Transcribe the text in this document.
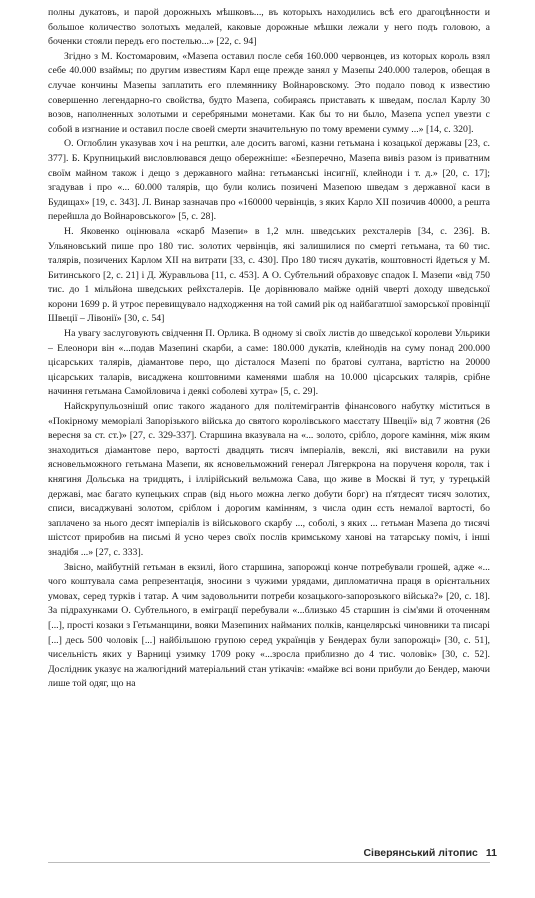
полны дукатовъ, и парой дорожныхъ мѣшковъ..., въ которыхъ находились всѣ его драгоцѣнности и большое количество золотыхъ медалей, каковые дорожные мѣшки лежали у него подъ головою, а боченки стояли передъ его постелью...» [22, с. 94]

Згідно з М. Костомаровим, «Мазепа оставил после себя 160.000 червонцев, из которых король взял себе 40.000 взаймы; по другим известиям Карл еще прежде занял у Мазепы 240.000 талеров, обещая в случае кончины Мазепы заплатить его племяннику Войнаровскому. Это подало повод к известию совершенно легендарно-го свойства, будто Мазепа, собираясь приставать к шведам, послал Карлу 30 возов, наполненных золотыми и серебряными монетами. Как бы то ни было, Мазепа успел увезти с собой в изгнание и оставил после своей смерти значительную по тому времени сумму ...» [14, с. 320].

О. Оглоблин указував хоч і на рештки, але досить вагомі, казни гетьмана і козацької державы [23, с. 377]. Б. Крупницький висловлювався дещо обережніше: «Безперечно, Мазепа вивіз разом із приватним своїм майном також і дещо з державного майна: гетьманські інсигнії, клейноди і т. д.» [20, с. 17]; згадував і про «... 60.000 талярів, що були колись позичені Мазепою шведам з державної каси в Будищах» [19, с. 343]. Л. Винар зазначав про «160000 червінців, з яких Карло ХІІ позичив 40000, а решта перейшла до Войнаровського» [5, с. 28].

Н. Яковенко оцінювала «скарб Мазепи» в 1,2 млн. шведських рехсталерів [34, с. 236]. В. Ульяновський пише про 180 тис. золотих червінців, які залишилися по смерті гетьмана, та 60 тис. талярів, позичених Карлом ХІІ на витрати [33, с. 430]. Про 180 тисяч дукатів, коштовності йдеться у М. Битинського [2, с. 21] і Д. Журавльова [11, с. 453]. А О. Субтельний обраховує спадок І. Мазепи «від 750 тис. до 1 мільйона шведських рейхсталерів. Це дорівнювало майже одній чверті доходу шведської корони 1699 р. й утроє перевищувало надходження на той самий рік од найбагатшої заморської провінції Швеції – Лівонії» [30, с. 54]

На увагу заслуговують свідчення П. Орлика. В одному зі своїх листів до шведської королеви Ульрики – Елеонори він «...подав Мазепині скарби, а саме: 180.000 дукатів, клейнодів на суму понад 200.000 цісарських талярів, діамантове перо, що дісталося Мазепі по братові султана, вартістю на 20000 цісарських таларів, висаджена коштовними каменями шабля на 10.000 цісарських талярів, срібне начиння гетьмана Самойловича і деякі соболеві хутра» [5, с. 29].

Найскрупульознішй опис такого жаданого для політемігрантів фінансового набутку міститься в «Покірному меморіалі Запорізького війська до святого королівського маєстату Швеції» від 7 жовтня (26 вересня за ст. ст.)» [27, с. 329-337]. Старшина вказувала на «... золото, срібло, дороге каміння, між яким знаходиться діамантове перо, вартості двадцять тисяч імперіалів, векслі, які виставили на руки ясновельможного гетьмана Мазепи, як ясновельможний генерал Лягеркрона на порученя короля, так і княгиня Дольська на тридцять, і іллірійський вельможа Сава, що живе в Москві й тут, у турецькій державі, має багато купецьких справ (від нього можна легко добути борг) на п'ятдесят тисяч золотих, списи, висаджувані золотом, сріблом і дорогим камінням, з числа один єсть немалої вартості, бо заплачено за нього десят імперіалів із військового скарбу ..., соболі, з яких ... гетьман Мазепа до тисячі шістсот приробив на письмі й усно через своїх послів кримському ханові на татарську поміч, і інші знадібя ...» [27, с. 333].

Звісно, майбутній гетьман в екзилі, його старшина, запорожці конче потребували грошей, адже «... чого коштувала сама репрезентація, зносини з чужими урядами, дипломатична праця в орієнтальних умовах, серед турків і татар. А чим задовольнити потреби козацького-запорозького війська?» [20, с. 18]. За підрахунками О. Субтельного, в еміграції перебували «...близько 45 старшин із сім'ями й оточенням [...], прості козаки з Гетьманщини, вояки Мазепиних найманих полків, канцелярські чиновники та писарі [...] десь 500 чоловік [...] найбільшою групою серед українців у Бендерах були запорожці» [30, с. 51], чисельність яких у Варниці узимку 1709 року «...зросла приблизно до 4 тис. чоловік» [30, с. 52]. Дослідник указує на жалюгідний матеріальний стан утікачів: «майже всі вони прибули до Бендер, маючи лише той одяг, що на

Сіверянський літопис 11
